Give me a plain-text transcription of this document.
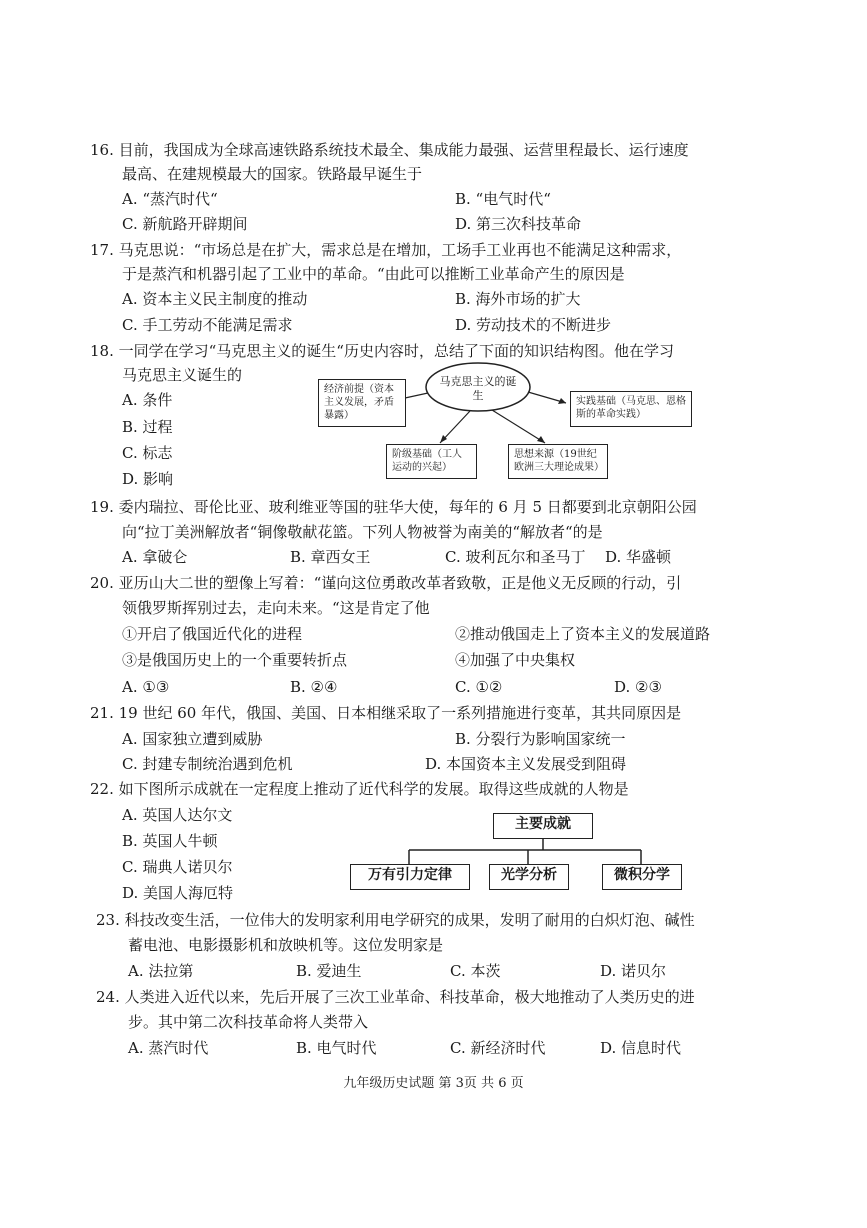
16. 目前，我国成为全球高速铁路系统技术最全、集成能力最强、运营里程最长、运行速度
最高、在建规模最大的国家。铁路最早诞生于
A. “蒸汽时代“	B. “电气时代“
C. 新航路开辟期间	D. 第三次科技革命
17. 马克思说：“市场总是在扩大，需求总是在增加，工场手工业再也不能满足这种需求，
于是蒸汽和机器引起了工业中的革命。“由此可以推断工业革命产生的原因是
A. 资本主义民主制度的推动	B. 海外市场的扩大
C. 手工劳动不能满足需求	D. 劳动技术的不断进步
18. 一同学在学习“马克思主义的诞生“历史内容时，总结了下面的知识结构图。他在学习
马克思主义诞生的
A. 条件
B. 过程
C. 标志
D. 影响
马克思主义的诞生
经济前提（资本主义发展，矛盾暴露）
实践基础（马克思、恩格斯的革命实践）
阶级基础（工人运动的兴起）
思想来源（19世纪欧洲三大理论成果）
19. 委内瑞拉、哥伦比亚、玻利维亚等国的驻华大使，每年的 6 月 5 日都要到北京朝阳公园
向“拉丁美洲解放者“铜像敬献花篮。下列人物被誉为南美的“解放者“的是
A. 拿破仑	B. 章西女王	C. 玻利瓦尔和圣马丁 D. 华盛顿
20. 亚历山大二世的塑像上写着：“谨向这位勇敢改革者致敬，正是他义无反顾的行动，引
领俄罗斯挥别过去，走向未来。“这是肯定了他
①开启了俄国近代化的进程	②推动俄国走上了资本主义的发展道路
③是俄国历史上的一个重要转折点	④加强了中央集权
A. ①③	B. ②④	C. ①②	D. ②③
21. 19 世纪 60 年代，俄国、美国、日本相继采取了一系列措施进行变革，其共同原因是
A. 国家独立遭到威胁	B. 分裂行为影响国家统一
C. 封建专制统治遇到危机	D. 本国资本主义发展受到阻碍
22. 如下图所示成就在一定程度上推动了近代科学的发展。取得这些成就的人物是
A. 英国人达尔文
B. 英国人牛顿
C. 瑞典人诺贝尔
D. 美国人海厄特
主要成就
万有引力定律	光学分析	微积分学
23. 科技改变生活，一位伟大的发明家利用电学研究的成果，发明了耐用的白炽灯泡、碱性
蓄电池、电影摄影机和放映机等。这位发明家是
A. 法拉第	B. 爱迪生	C. 本茨	D. 诺贝尔
24. 人类进入近代以来，先后开展了三次工业革命、科技革命，极大地推动了人类历史的进
步。其中第二次科技革命将人类带入
A. 蒸汽时代	B. 电气时代	C. 新经济时代	D. 信息时代
九年级历史试题 第 3页 共 6 页
